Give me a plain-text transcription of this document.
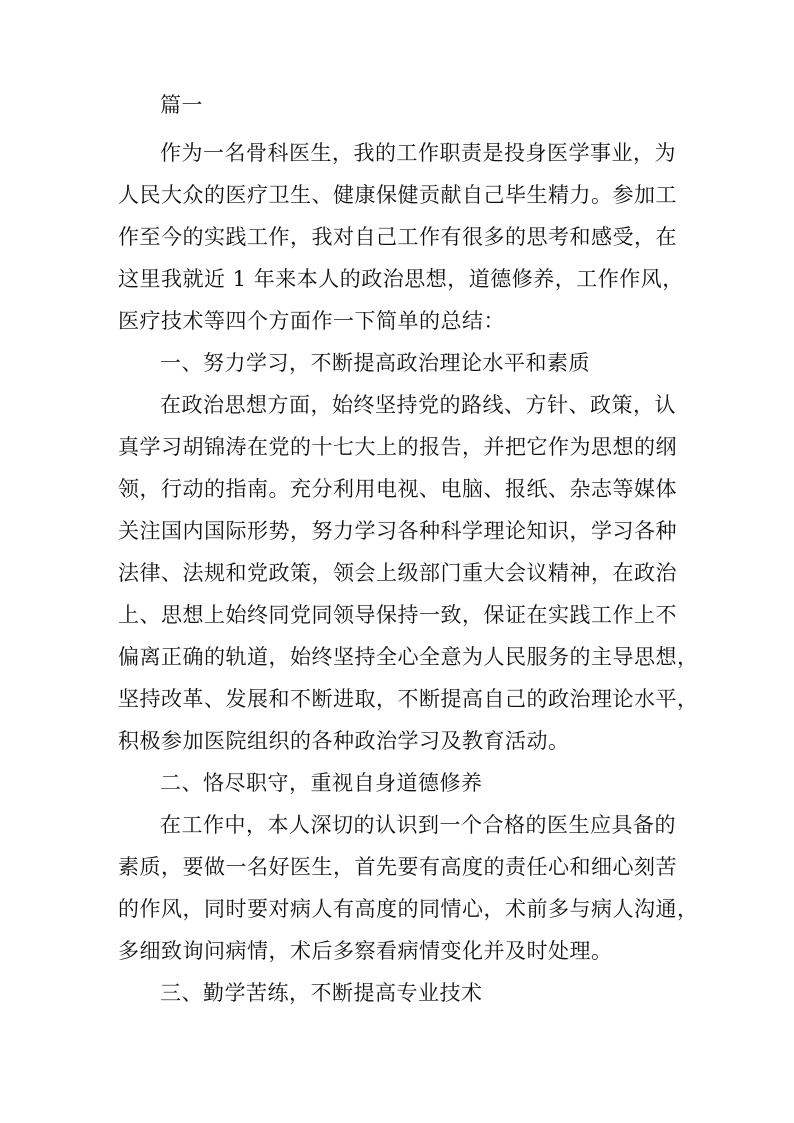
篇一
作为一名骨科医生，我的工作职责是投身医学事业，为
人民大众的医疗卫生、健康保健贡献自己毕生精力。参加工
作至今的实践工作，我对自己工作有很多的思考和感受，在
这里我就近 1 年来本人的政治思想，道德修养，工作作风，
医疗技术等四个方面作一下简单的总结：
一、努力学习，不断提高政治理论水平和素质
在政治思想方面，始终坚持党的路线、方针、政策，认
真学习胡锦涛在党的十七大上的报告，并把它作为思想的纲
领，行动的指南。充分利用电视、电脑、报纸、杂志等媒体
关注国内国际形势，努力学习各种科学理论知识，学习各种
法律、法规和党政策，领会上级部门重大会议精神，在政治
上、思想上始终同党同领导保持一致，保证在实践工作上不
偏离正确的轨道，始终坚持全心全意为人民服务的主导思想，
坚持改革、发展和不断进取，不断提高自己的政治理论水平，
积极参加医院组织的各种政治学习及教育活动。
二、恪尽职守，重视自身道德修养
在工作中，本人深切的认识到一个合格的医生应具备的
素质，要做一名好医生，首先要有高度的责任心和细心刻苦
的作风，同时要对病人有高度的同情心，术前多与病人沟通，
多细致询问病情，术后多察看病情变化并及时处理。
三、勤学苦练，不断提高专业技术
